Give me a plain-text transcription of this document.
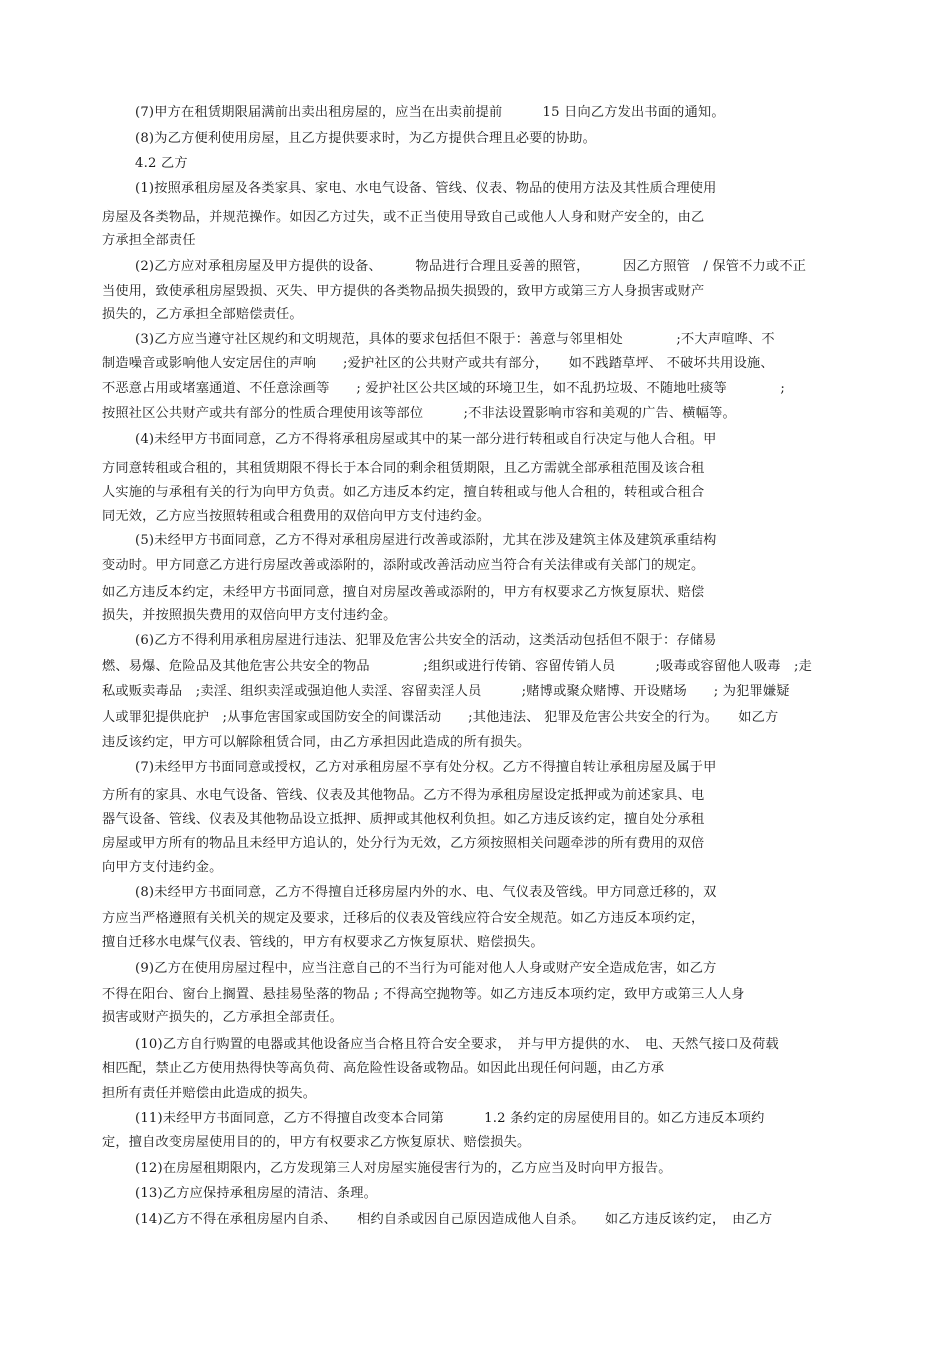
(7)甲方在租赁期限届满前出卖出租房屋的，应当在出卖前提前　　　15 日向乙方发出书面的通知。
(8)为乙方便利使用房屋，且乙方提供要求时，为乙方提供合理且必要的协助。
4.2 乙方
(1)按照承租房屋及各类家具、家电、水电气设备、管线、仪表、物品的使用方法及其性质合理使用
房屋及各类物品，并规范操作。如因乙方过失，或不正当使用导致自己或他人人身和财产安全的，由乙
方承担全部责任
(2)乙方应对承租房屋及甲方提供的设备、　　　物品进行合理且妥善的照管，　　　因乙方照管　/ 保管不力或不正
当使用，致使承租房屋毁损、灭失、甲方提供的各类物品损失损毁的，致甲方或第三方人身损害或财产
损失的，乙方承担全部赔偿责任。
(3)乙方应当遵守社区规约和文明规范，具体的要求包括但不限于：善意与邻里相处　　　　;不大声喧哗、不
制造噪音或影响他人安定居住的声响　　;爱护社区的公共财产或共有部分，　　如不践踏草坪、 不破坏共用设施、
不恶意占用或堵塞通道、不任意涂画等　　; 爱护社区公共区域的环境卫生，如不乱扔垃圾、不随地吐痰等　　　　;
按照社区公共财产或共有部分的性质合理使用该等部位　　　;不非法设置影响市容和美观的广告、横幅等。
(4)未经甲方书面同意，乙方不得将承租房屋或其中的某一部分进行转租或自行决定与他人合租。甲
方同意转租或合租的，其租赁期限不得长于本合同的剩余租赁期限，且乙方需就全部承租范围及该合租
人实施的与承租有关的行为向甲方负责。如乙方违反本约定，擅自转租或与他人合租的，转租或合租合
同无效，乙方应当按照转租或合租费用的双倍向甲方支付违约金。
(5)未经甲方书面同意，乙方不得对承租房屋进行改善或添附，尤其在涉及建筑主体及建筑承重结构
变动时。甲方同意乙方进行房屋改善或添附的，添附或改善活动应当符合有关法律或有关部门的规定。
如乙方违反本约定，未经甲方书面同意，擅自对房屋改善或添附的，甲方有权要求乙方恢复原状、赔偿
损失，并按照损失费用的双倍向甲方支付违约金。
(6)乙方不得利用承租房屋进行违法、犯罪及危害公共安全的活动，这类活动包括但不限于：存储易
燃、易爆、危险品及其他危害公共安全的物品　　　　;组织或进行传销、容留传销人员　　　;吸毒或容留他人吸毒　;走
私或贩卖毒品　;卖淫、组织卖淫或强迫他人卖淫、容留卖淫人员　　　;赌博或聚众赌博、开设赌场　　; 为犯罪嫌疑
人或罪犯提供庇护　;从事危害国家或国防安全的间谍活动　　;其他违法、 犯罪及危害公共安全的行为。　　如乙方
违反该约定，甲方可以解除租赁合同，由乙方承担因此造成的所有损失。
(7)未经甲方书面同意或授权，乙方对承租房屋不享有处分权。乙方不得擅自转让承租房屋及属于甲
方所有的家具、水电气设备、管线、仪表及其他物品。乙方不得为承租房屋设定抵押或为前述家具、电
器气设备、管线、仪表及其他物品设立抵押、质押或其他权利负担。如乙方违反该约定，擅自处分承租
房屋或甲方所有的物品且未经甲方追认的，处分行为无效，乙方须按照相关问题牵涉的所有费用的双倍
向甲方支付违约金。
(8)未经甲方书面同意，乙方不得擅自迁移房屋内外的水、电、气仪表及管线。甲方同意迁移的，双
方应当严格遵照有关机关的规定及要求，迁移后的仪表及管线应符合安全规范。如乙方违反本项约定，
擅自迁移水电煤气仪表、管线的，甲方有权要求乙方恢复原状、赔偿损失。
(9)乙方在使用房屋过程中，应当注意自己的不当行为可能对他人人身或财产安全造成危害，如乙方
不得在阳台、窗台上搁置、悬挂易坠落的物品 ; 不得高空抛物等。如乙方违反本项约定，致甲方或第三人人身
损害或财产损失的，乙方承担全部责任。
(10)乙方自行购置的电器或其他设备应当合格且符合安全要求，　并与甲方提供的水、　电、天然气接口及荷载
相匹配，禁止乙方使用热得快等高负荷、高危险性设备或物品。如因此出现任何问题，由乙方承
担所有责任并赔偿由此造成的损失。
(11)未经甲方书面同意，乙方不得擅自改变本合同第　　　1.2 条约定的房屋使用目的。如乙方违反本项约
定，擅自改变房屋使用目的的，甲方有权要求乙方恢复原状、赔偿损失。
(12)在房屋租期限内，乙方发现第三人对房屋实施侵害行为的，乙方应当及时向甲方报告。
(13)乙方应保持承租房屋的清洁、条理。
(14)乙方不得在承租房屋内自杀、　　相约自杀或因自己原因造成他人自杀。　　如乙方违反该约定，　由乙方
